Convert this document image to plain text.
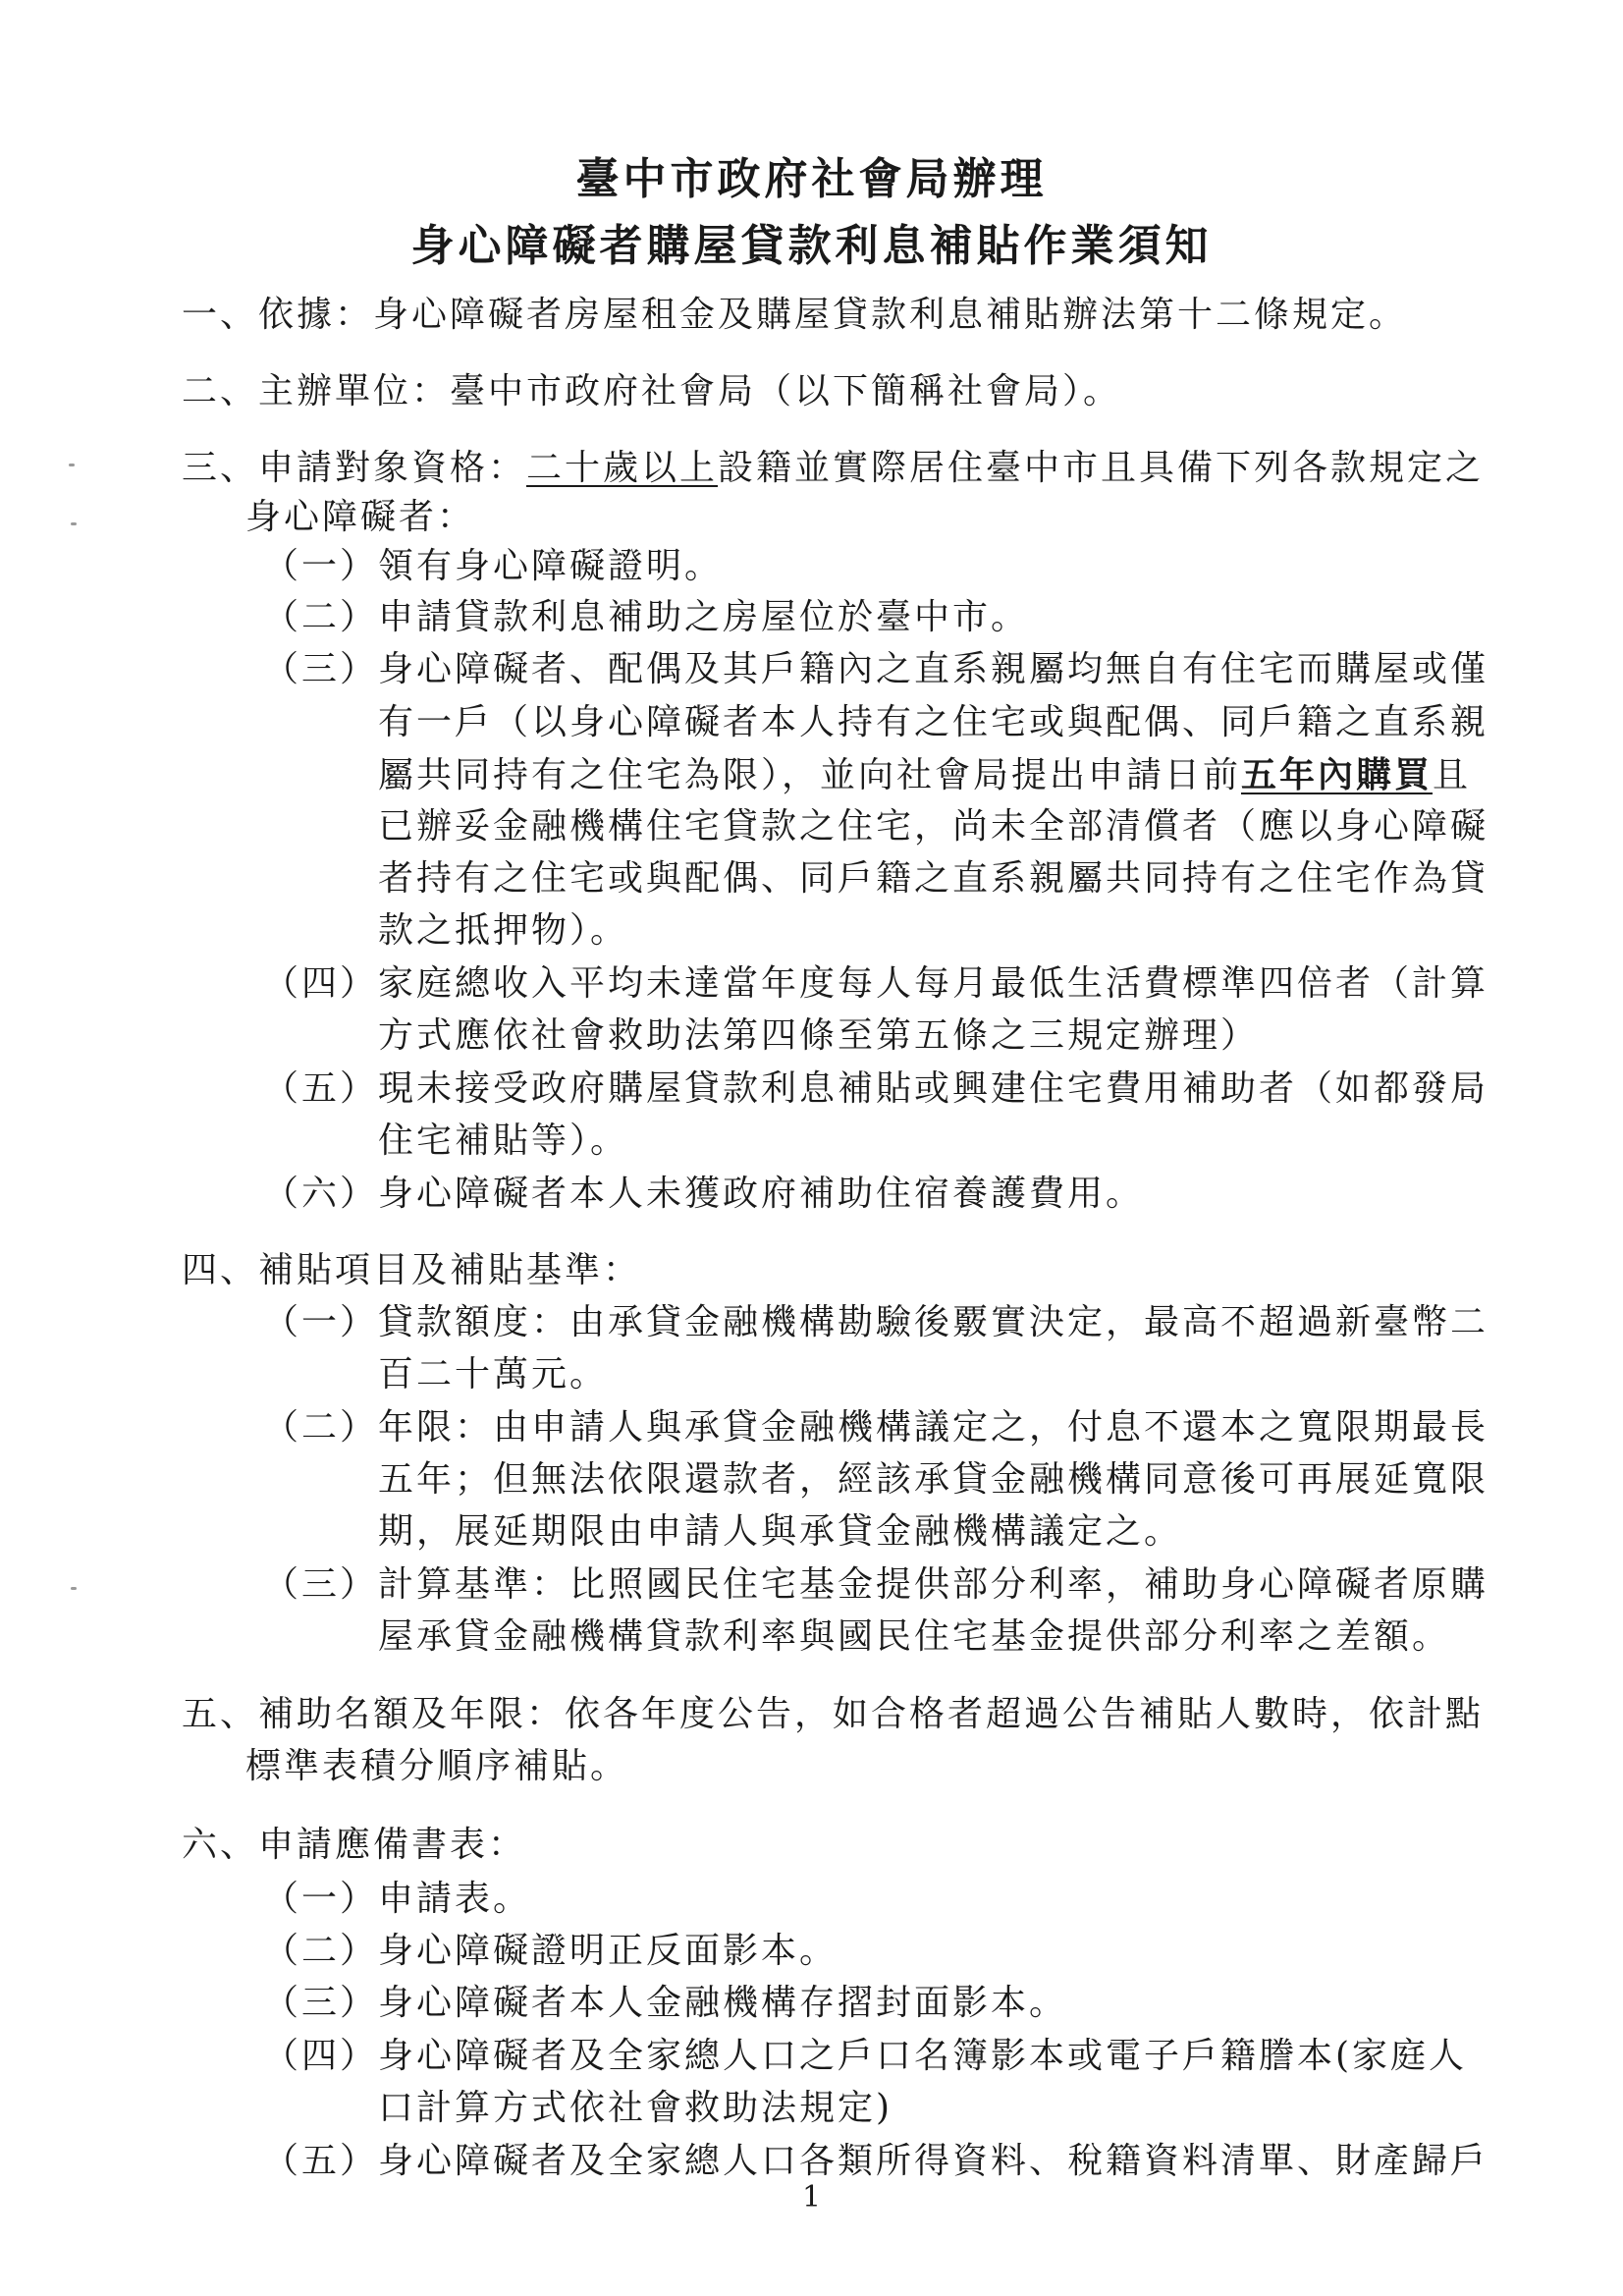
臺中市政府社會局辦理
身心障礙者購屋貸款利息補貼作業須知
一、依據：身心障礙者房屋租金及購屋貸款利息補貼辦法第十二條規定。
二、主辦單位：臺中市政府社會局（以下簡稱社會局）。
三、申請對象資格：二十歲以上設籍並實際居住臺中市且具備下列各款規定之
身心障礙者：
（一）領有身心障礙證明。
（二）申請貸款利息補助之房屋位於臺中市。
（三）身心障礙者、配偶及其戶籍內之直系親屬均無自有住宅而購屋或僅
有一戶（以身心障礙者本人持有之住宅或與配偶、同戶籍之直系親
屬共同持有之住宅為限），並向社會局提出申請日前五年內購買且
已辦妥金融機構住宅貸款之住宅，尚未全部清償者（應以身心障礙
者持有之住宅或與配偶、同戶籍之直系親屬共同持有之住宅作為貸
款之抵押物）。
（四）家庭總收入平均未達當年度每人每月最低生活費標準四倍者（計算
方式應依社會救助法第四條至第五條之三規定辦理）
（五）現未接受政府購屋貸款利息補貼或興建住宅費用補助者（如都發局
住宅補貼等）。
（六）身心障礙者本人未獲政府補助住宿養護費用。
四、補貼項目及補貼基準：
（一）貸款額度：由承貸金融機構勘驗後覈實決定，最高不超過新臺幣二
百二十萬元。
（二）年限：由申請人與承貸金融機構議定之，付息不還本之寬限期最長
五年；但無法依限還款者，經該承貸金融機構同意後可再展延寬限
期，展延期限由申請人與承貸金融機構議定之。
（三）計算基準：比照國民住宅基金提供部分利率，補助身心障礙者原購
屋承貸金融機構貸款利率與國民住宅基金提供部分利率之差額。
五、補助名額及年限：依各年度公告，如合格者超過公告補貼人數時，依計點
標準表積分順序補貼。
六、申請應備書表：
（一）申請表。
（二）身心障礙證明正反面影本。
（三）身心障礙者本人金融機構存摺封面影本。
（四）身心障礙者及全家總人口之戶口名簿影本或電子戶籍謄本(家庭人
口計算方式依社會救助法規定)
（五）身心障礙者及全家總人口各類所得資料、稅籍資料清單、財產歸戶
1
